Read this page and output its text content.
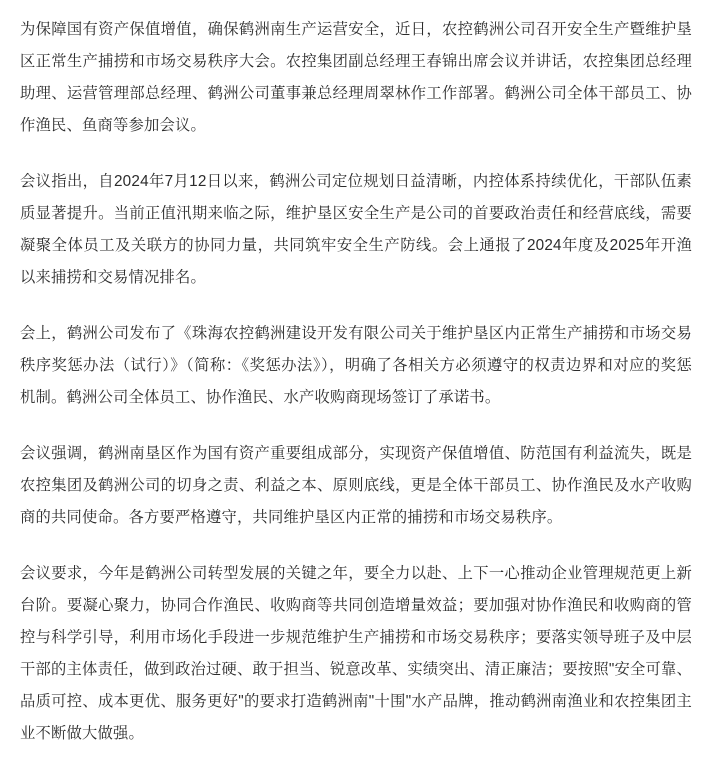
为保障国有资产保值增值，确保鹤洲南生产运营安全，近日，农控鹤洲公司召开安全生产暨维护垦区正常生产捕捞和市场交易秩序大会。农控集团副总经理王春锦出席会议并讲话，农控集团总经理助理、运营管理部总经理、鹤洲公司董事兼总经理周翠林作工作部署。鹤洲公司全体干部员工、协作渔民、鱼商等参加会议。

会议指出，自2024年7月12日以来，鹤洲公司定位规划日益清晰，内控体系持续优化，干部队伍素质显著提升。当前正值汛期来临之际，维护垦区安全生产是公司的首要政治责任和经营底线，需要凝聚全体员工及关联方的协同力量，共同筑牢安全生产防线。会上通报了2024年度及2025年开渔以来捕捞和交易情况排名。

会上，鹤洲公司发布了《珠海农控鹤洲建设开发有限公司关于维护垦区内正常生产捕捞和市场交易秩序奖惩办法（试行）》（简称：《奖惩办法》），明确了各相关方必须遵守的权责边界和对应的奖惩机制。鹤洲公司全体员工、协作渔民、水产收购商现场签订了承诺书。

会议强调，鹤洲南垦区作为国有资产重要组成部分，实现资产保值增值、防范国有利益流失，既是农控集团及鹤洲公司的切身之责、利益之本、原则底线，更是全体干部员工、协作渔民及水产收购商的共同使命。各方要严格遵守，共同维护垦区内正常的捕捞和市场交易秩序。

会议要求，今年是鹤洲公司转型发展的关键之年，要全力以赴、上下一心推动企业管理规范更上新台阶。要凝心聚力，协同合作渔民、收购商等共同创造增量效益；要加强对协作渔民和收购商的管控与科学引导，利用市场化手段进一步规范维护生产捕捞和市场交易秩序；要落实领导班子及中层干部的主体责任，做到政治过硬、敢于担当、锐意改革、实绩突出、清正廉洁；要按照"安全可靠、品质可控、成本更优、服务更好"的要求打造鹤洲南"十围"水产品牌，推动鹤洲南渔业和农控集团主业不断做大做强。
